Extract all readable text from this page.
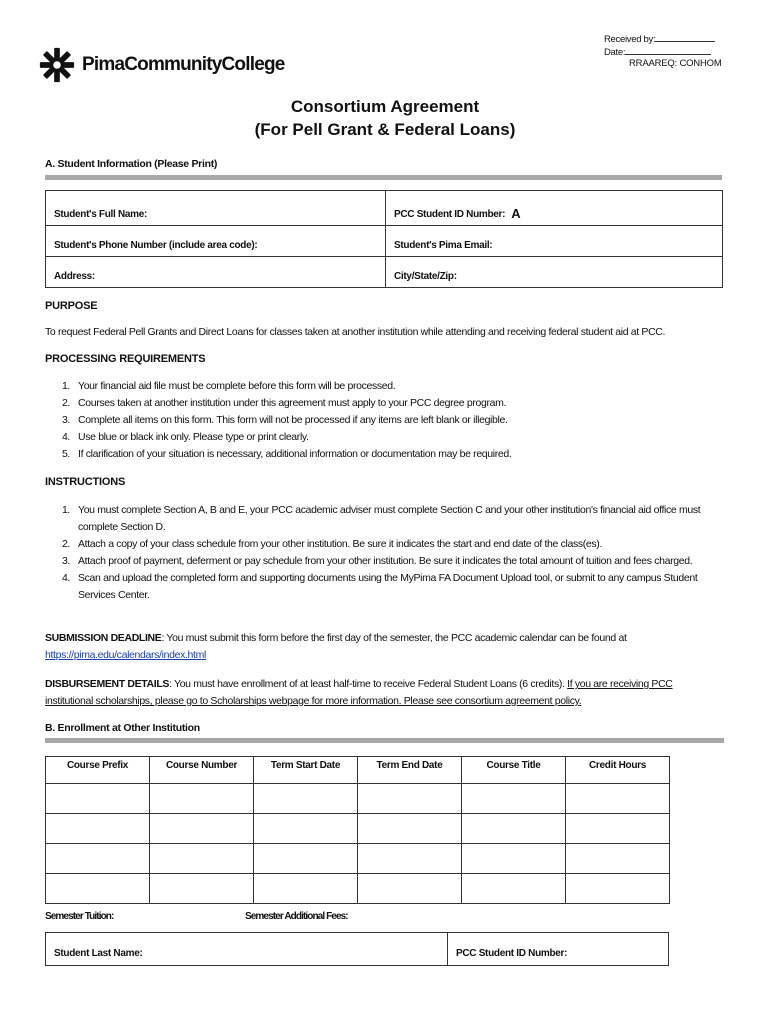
PimaCommunityCollege
Received by:
Date:
RRAAREQ: CONHOM
Consortium Agreement
(For Pell Grant & Federal Loans)
A. Student Information (Please Print)
Student's Full Name:	PCC Student ID Number: A
Student's Phone Number (include area code):	Student's Pima Email:
Address:	City/State/Zip:
PURPOSE
To request Federal Pell Grants and Direct Loans for classes taken at another institution while attending and receiving federal student aid at PCC.
PROCESSING REQUIREMENTS
1. Your financial aid file must be complete before this form will be processed.
2. Courses taken at another institution under this agreement must apply to your PCC degree program.
3. Complete all items on this form. This form will not be processed if any items are left blank or illegible.
4. Use blue or black ink only. Please type or print clearly.
5. If clarification of your situation is necessary, additional information or documentation may be required.
INSTRUCTIONS
1. You must complete Section A, B and E, your PCC academic adviser must complete Section C and your other institution's financial aid office must complete Section D.
2. Attach a copy of your class schedule from your other institution. Be sure it indicates the start and end date of the class(es).
3. Attach proof of payment, deferment or pay schedule from your other institution. Be sure it indicates the total amount of tuition and fees charged.
4. Scan and upload the completed form and supporting documents using the MyPima FA Document Upload tool, or submit to any campus Student Services Center.
SUBMISSION DEADLINE: You must submit this form before the first day of the semester, the PCC academic calendar can be found at
https://pima.edu/calendars/index.html
DISBURSEMENT DETAILS: You must have enrollment of at least half-time to receive Federal Student Loans (6 credits). If you are receiving PCC
institutional scholarships, please go to Scholarships webpage for more information. Please see consortium agreement policy.
B. Enrollment at Other Institution
Course Prefix	Course Number	Term Start Date	Term End Date	Course Title	Credit Hours

Semester Tuition:	Semester Additional Fees:
Student Last Name:	PCC Student ID Number:
